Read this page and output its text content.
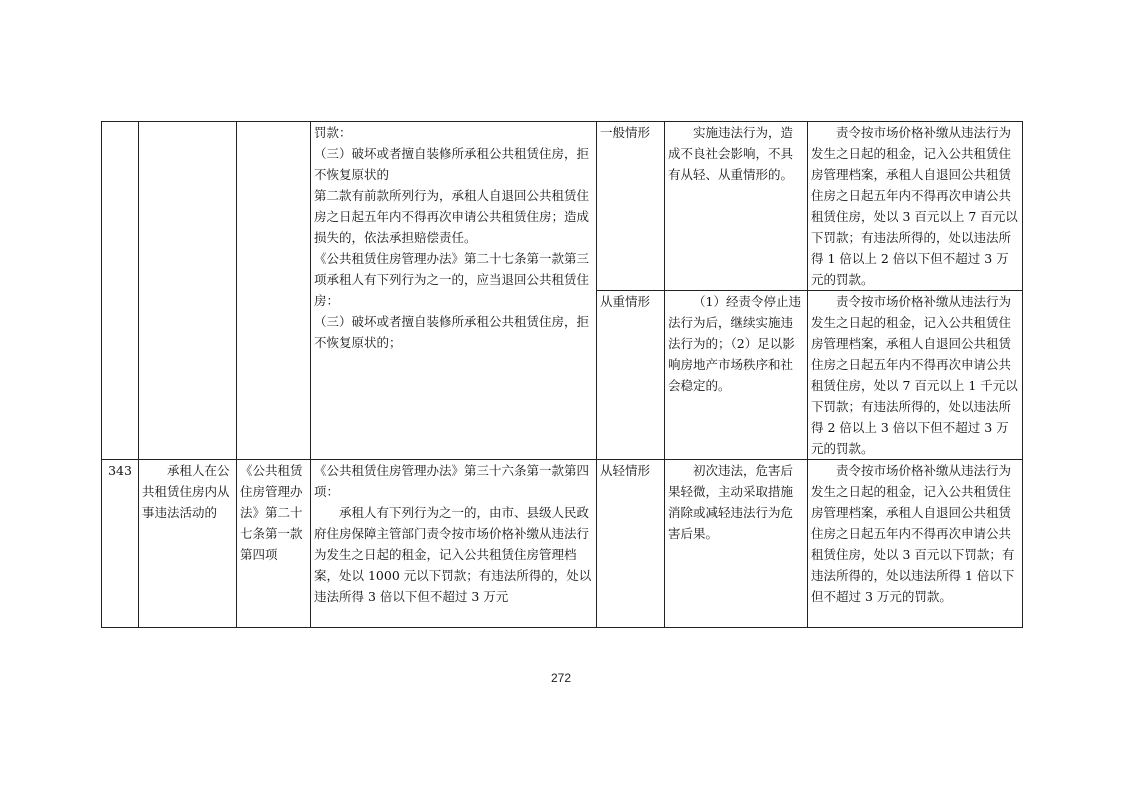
			罚款：
（三）破坏或者擅自装修所承租公共租赁住房，拒不恢复原状的
第二款有前款所列行为，承租人自退回公共租赁住房之日起五年内不得再次申请公共租赁住房；造成损失的，依法承担赔偿责任。
《公共租赁住房管理办法》第二十七条第一款第三项承租人有下列行为之一的，应当退回公共租赁住房：
（三）破坏或者擅自装修所承租公共租赁住房，拒不恢复原状的；	一般情形	实施违法行为，造成不良社会影响，不具有从轻、从重情形的。	责令按市场价格补缴从违法行为发生之日起的租金，记入公共租赁住房管理档案，承租人自退回公共租赁住房之日起五年内不得再次申请公共租赁住房，处以 3 百元以上 7 百元以下罚款；有违法所得的，处以违法所得 1 倍以上 2 倍以下但不超过 3 万元的罚款。
				从重情形	（1）经责令停止违法行为后，继续实施违法行为的；（2）足以影响房地产市场秩序和社会稳定的。	责令按市场价格补缴从违法行为发生之日起的租金，记入公共租赁住房管理档案，承租人自退回公共租赁住房之日起五年内不得再次申请公共租赁住房，处以 7 百元以上 1 千元以下罚款；有违法所得的，处以违法所得 2 倍以上 3 倍以下但不超过 3 万元的罚款。
343	承租人在公共租赁住房内从事违法活动的	《公共租赁住房管理办法》第二十七条第一款第四项	《公共租赁住房管理办法》第三十六条第一款第四项：
承租人有下列行为之一的，由市、县级人民政府住房保障主管部门责令按市场价格补缴从违法行为发生之日起的租金，记入公共租赁住房管理档案，处以 1000 元以下罚款；有违法所得的，处以违法所得 3 倍以下但不超过 3 万元	从轻情形	初次违法，危害后果轻微，主动采取措施消除或减轻违法行为危害后果。	责令按市场价格补缴从违法行为发生之日起的租金，记入公共租赁住房管理档案，承租人自退回公共租赁住房之日起五年内不得再次申请公共租赁住房，处以 3 百元以下罚款；有违法所得的，处以违法所得 1 倍以下但不超过 3 万元的罚款。
272
